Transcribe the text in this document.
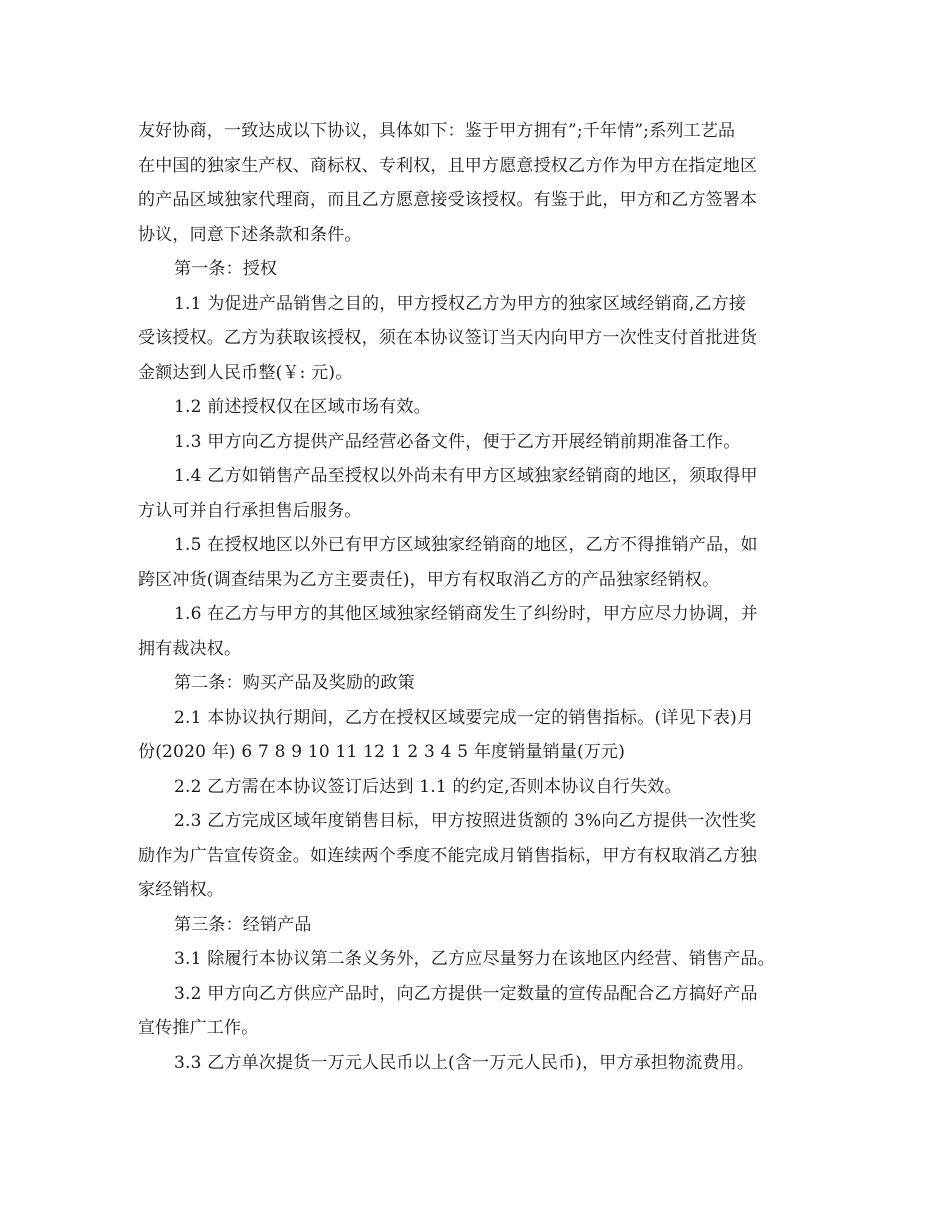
友好协商，一致达成以下协议，具体如下：鉴于甲方拥有”;千年情”;系列工艺品

在中国的独家生产权、商标权、专利权，且甲方愿意授权乙方作为甲方在指定地区

的产品区域独家代理商，而且乙方愿意接受该授权。有鉴于此，甲方和乙方签署本

协议，同意下述条款和条件。

第一条：授权

1.1 为促进产品销售之目的，甲方授权乙方为甲方的独家区域经销商,乙方接

受该授权。乙方为获取该授权，须在本协议签订当天内向甲方一次性支付首批进货

金额达到人民币整(￥: 元)。

1.2 前述授权仅在区域市场有效。

1.3 甲方向乙方提供产品经营必备文件，便于乙方开展经销前期准备工作。

1.4 乙方如销售产品至授权以外尚未有甲方区域独家经销商的地区，须取得甲

方认可并自行承担售后服务。

1.5 在授权地区以外已有甲方区域独家经销商的地区，乙方不得推销产品，如

跨区冲货(调查结果为乙方主要责任)，甲方有权取消乙方的产品独家经销权。

1.6 在乙方与甲方的其他区域独家经销商发生了纠纷时，甲方应尽力协调，并

拥有裁决权。

第二条：购买产品及奖励的政策

2.1 本协议执行期间，乙方在授权区域要完成一定的销售指标。(详见下表)月

份(2020 年) 6 7 8 9 10 11 12 1 2 3 4 5 年度销量销量(万元)

2.2 乙方需在本协议签订后达到 1.1 的约定,否则本协议自行失效。

2.3 乙方完成区域年度销售目标，甲方按照进货额的 3%向乙方提供一次性奖

励作为广告宣传资金。如连续两个季度不能完成月销售指标，甲方有权取消乙方独

家经销权。

第三条：经销产品

3.1 除履行本协议第二条义务外，乙方应尽量努力在该地区内经营、销售产品。

3.2 甲方向乙方供应产品时，向乙方提供一定数量的宣传品配合乙方搞好产品

宣传推广工作。

3.3 乙方单次提货一万元人民币以上(含一万元人民币)，甲方承担物流费用。
